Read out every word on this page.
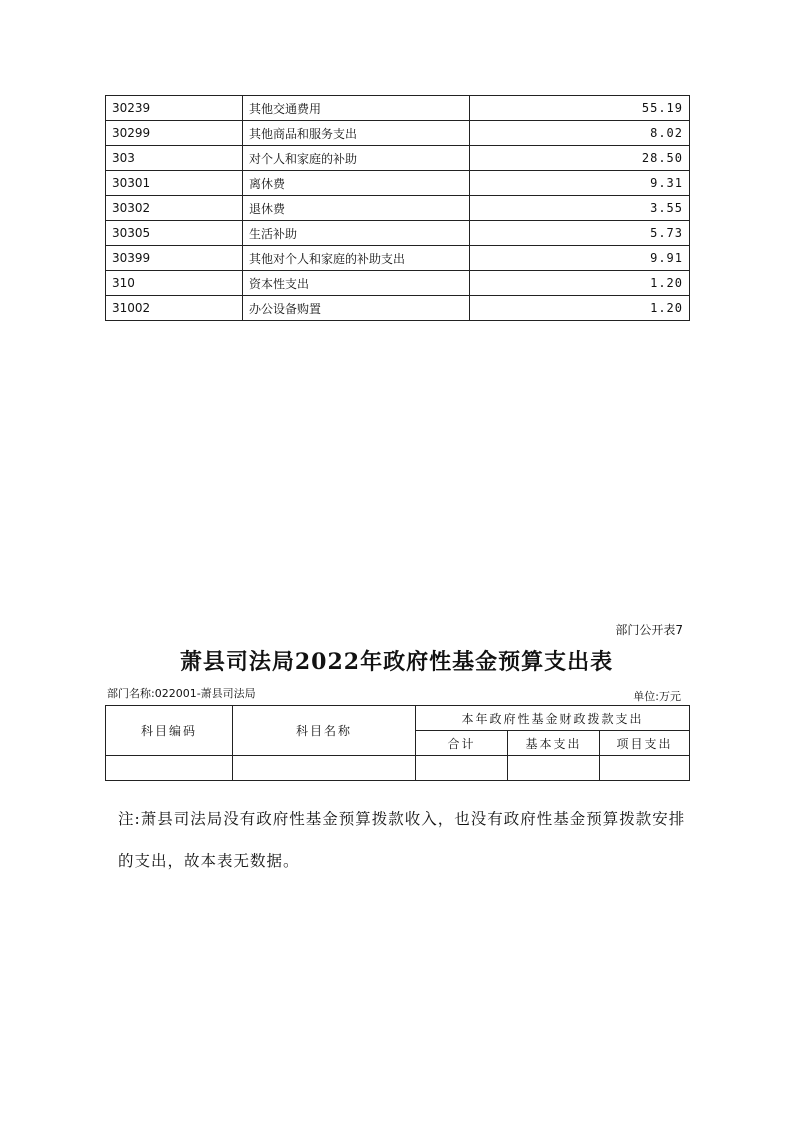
30239	其他交通费用	55.19
30299	其他商品和服务支出	8.02
303	对个人和家庭的补助	28.50
30301	离休费	9.31
30302	退休费	3.55
30305	生活补助	5.73
30399	其他对个人和家庭的补助支出	9.91
310	资本性支出	1.20
31002	办公设备购置	1.20
部门公开表7
萧县司法局2022年政府性基金预算支出表
部门名称:022001-萧县司法局	单位:万元
科目编码	科目名称	本年政府性基金财政拨款支出		
		合计	基本支出	项目支出

注:萧县司法局没有政府性基金预算拨款收入，也没有政府性基金预算拨款安排的支出，故本表无数据。
